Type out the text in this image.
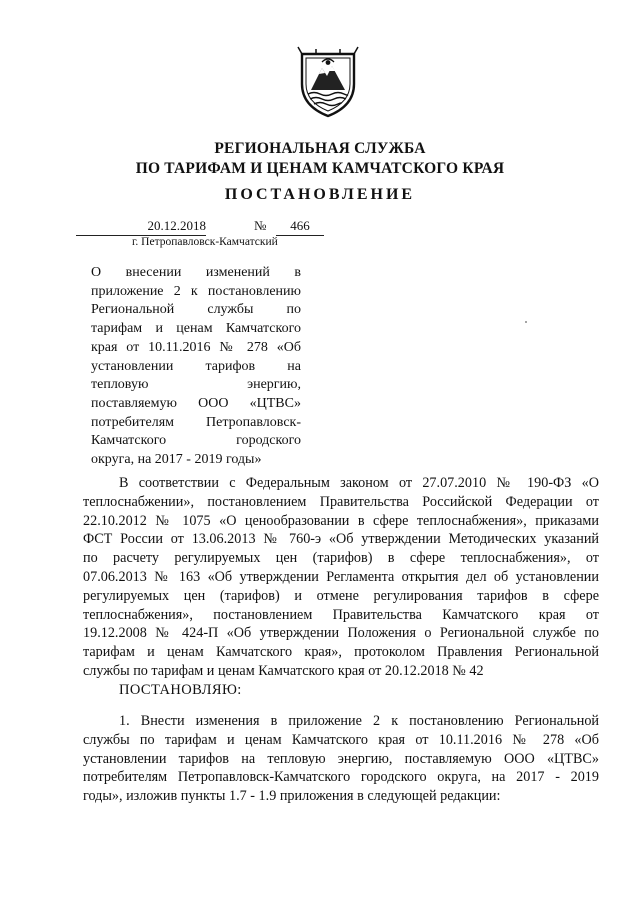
РЕГИОНАЛЬНАЯ СЛУЖБА
ПО ТАРИФАМ И ЦЕНАМ КАМЧАТСКОГО КРАЯ
ПОСТАНОВЛЕНИЕ
20.12.2018	№	466
г. Петропавловск-Камчатский
О внесении изменений в
приложение 2 к постановлению
Региональной службы по
тарифам и ценам Камчатского
края от 10.11.2016 № 278 «Об
установлении тарифов на
тепловую энергию,
поставляемую ООО «ЦТВС»
потребителям Петропавловск-
Камчатского городского
округа, на 2017 - 2019 годы»
В соответствии с Федеральным законом от 27.07.2010 № 190-ФЗ «О
теплоснабжении», постановлением Правительства Российской Федерации от
22.10.2012 № 1075 «О ценообразовании в сфере теплоснабжения», приказами
ФСТ России от 13.06.2013 № 760-э «Об утверждении Методических указаний
по расчету регулируемых цен (тарифов) в сфере теплоснабжения», от
07.06.2013 № 163 «Об утверждении Регламента открытия дел об установлении
регулируемых цен (тарифов) и отмене регулирования тарифов в сфере
теплоснабжения», постановлением Правительства Камчатского края от
19.12.2008 № 424-П «Об утверждении Положения о Региональной службе по
тарифам и ценам Камчатского края», протоколом Правления Региональной
службы по тарифам и ценам Камчатского края от 20.12.2018 № 42
ПОСТАНОВЛЯЮ:
1. Внести изменения в приложение 2 к постановлению Региональной
службы по тарифам и ценам Камчатского края от 10.11.2016 № 278 «Об
установлении тарифов на тепловую энергию, поставляемую ООО «ЦТВС»
потребителям Петропавловск-Камчатского городского округа, на 2017 - 2019
годы», изложив пункты 1.7 - 1.9 приложения в следующей редакции:
